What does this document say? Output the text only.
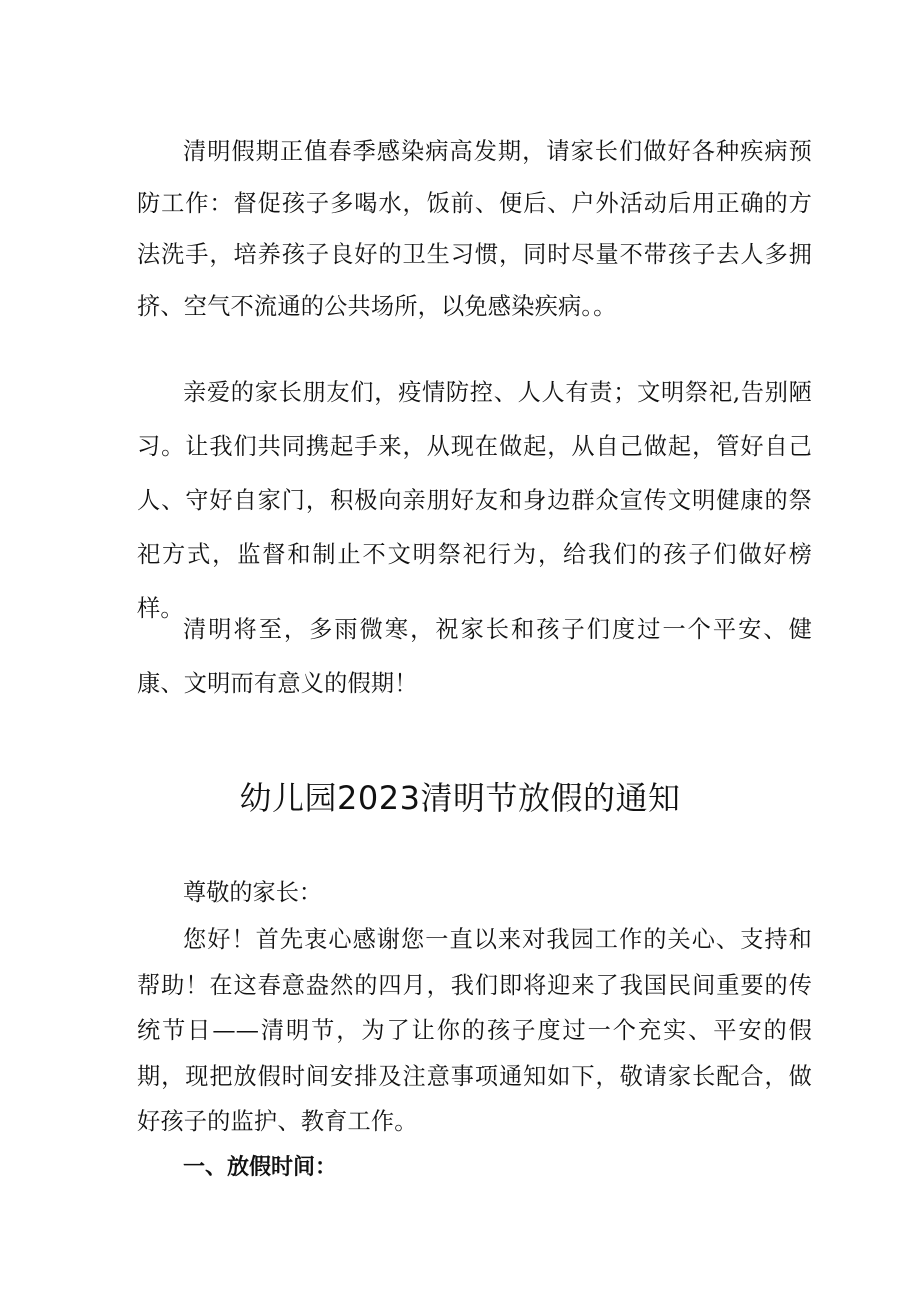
清明假期正值春季感染病高发期，请家长们做好各种疾病预防工作：督促孩子多喝水，饭前、便后、户外活动后用正确的方法洗手，培养孩子良好的卫生习惯，同时尽量不带孩子去人多拥挤、空气不流通的公共场所，以免感染疾病。。

亲爱的家长朋友们，疫情防控、人人有责；文明祭祀,告别陋习。让我们共同携起手来，从现在做起，从自己做起，管好自己人、守好自家门，积极向亲朋好友和身边群众宣传文明健康的祭祀方式，监督和制止不文明祭祀行为，给我们的孩子们做好榜样。

清明将至，多雨微寒，祝家长和孩子们度过一个平安、健康、文明而有意义的假期！

幼儿园2023清明节放假的通知

尊敬的家长：

您好！首先衷心感谢您一直以来对我园工作的关心、支持和帮助！在这春意盎然的四月，我们即将迎来了我国民间重要的传统节日——清明节，为了让你的孩子度过一个充实、平安的假期，现把放假时间安排及注意事项通知如下，敬请家长配合，做好孩子的监护、教育工作。

一、放假时间：
